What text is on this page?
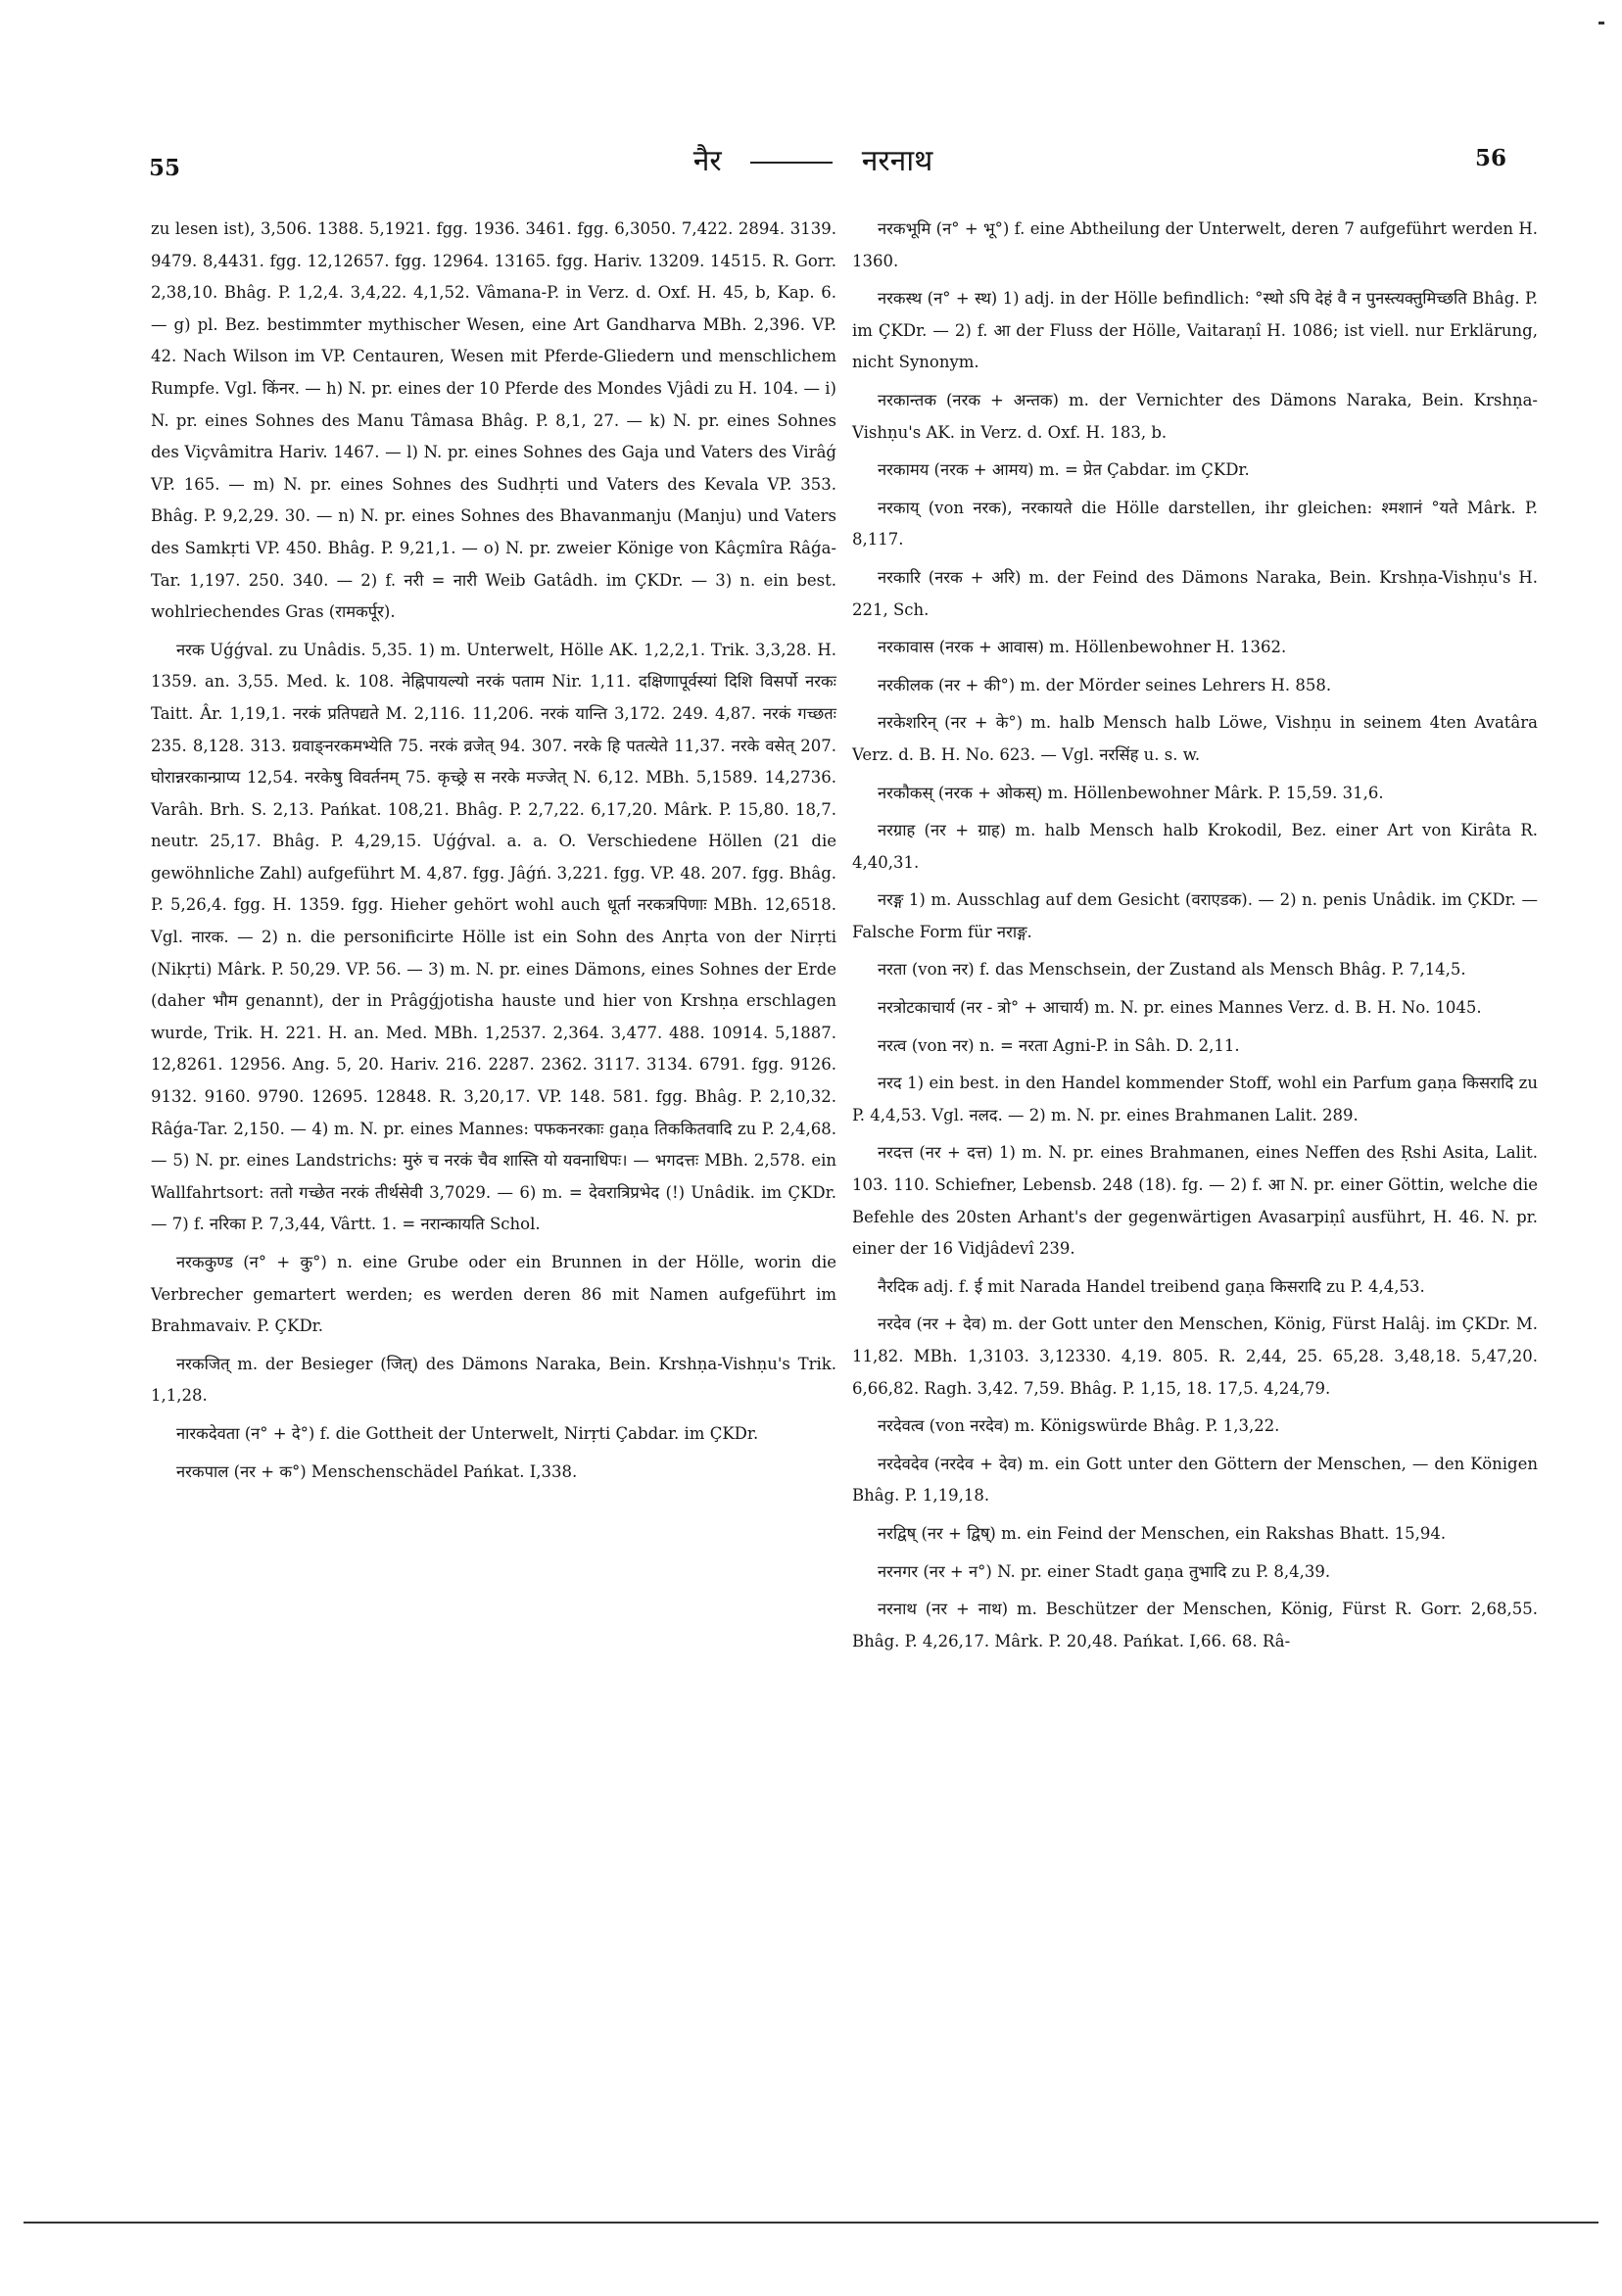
55	नैर	नरनाथ	56

zu lesen ist), 3,506. 1388. 5,1921. fgg. 1936. 3461. fgg. 6,3050. 7,422. 2894. 3139. 9479. 8,4431. fgg. 12,12657. fgg. 12964. 13165. fgg. Hariv. 13209. 14515. R. Gorr. 2,38,10. Bhâg. P. 1,2,4. 3,4,22. 4,1,52. Vâmana-P. in Verz. d. Oxf. H. 45, b, Kap. 6. — g) pl. Bez. bestimmter mythischer Wesen, eine Art Gandharva MBh. 2,396. VP. 42. Nach Wilson im VP. Centauren, Wesen mit Pferde-Gliedern und menschlichem Rumpfe. Vgl. किंनर. — h) N. pr. eines der 10 Pferde des Mondes Vjâdi zu H. 104. — i) N. pr. eines Sohnes des Manu Tâmasa Bhâg. P. 8,1, 27. — k) N. pr. eines Sohnes des Viçvâmitra Hariv. 1467. — l) N. pr. eines Sohnes des Gaja und Vaters des Virâǵ VP. 165. — m) N. pr. eines Sohnes des Sudhṛti und Vaters des Kevala VP. 353. Bhâg. P. 9,2,29. 30. — n) N. pr. eines Sohnes des Bhavanmanju (Manju) und Vaters des Samkṛti VP. 450. Bhâg. P. 9,21,1. — o) N. pr. zweier Könige von Kâçmîra Râǵa-Tar. 1,197. 250. 340. — 2) f. नरी = नारी Weib Gatâdh. im ÇKDr. — 3) n. ein best. wohlriechendes Gras (रामकर्पूर).

नरक Uǵǵval. zu Unâdis. 5,35. 1) m. Unterwelt, Hölle AK. 1,2,2,1. Trik. 3,3,28. H. 1359. an. 3,55. Med. k. 108. नेह्निपायल्यो नरकं पताम Nir. 1,11. दक्षिणापूर्वस्यां दिशि विसर्पो नरकः Taitt. Âr. 1,19,1. नरकं प्रतिपद्यते M. 2,116. 11,206. नरकं यान्ति 3,172. 249. 4,87. नरकं गच्छतः 235. 8,128. 313. ग्रवाङ्नरकमभ्येति 75. नरकं व्रजेत् 94. 307. नरके हि पतत्येते 11,37. नरके वसेत् 207. घोरान्नरकान्प्राप्य 12,54. नरकेषु विवर्तनम् 75. कृच्छ्रे स नरके मज्जेत् N. 6,12. MBh. 5,1589. 14,2736. Varâh. Brh. S. 2,13. Pańkat. 108,21. Bhâg. P. 2,7,22. 6,17,20. Mârk. P. 15,80. 18,7. neutr. 25,17. Bhâg. P. 4,29,15. Uǵǵval. a. a. O. Verschiedene Höllen (21 die gewöhnliche Zahl) aufgeführt M. 4,87. fgg. Jâǵń. 3,221. fgg. VP. 48. 207. fgg. Bhâg. P. 5,26,4. fgg. H. 1359. fgg. Hieher gehört wohl auch धूर्ता नरकत्रपिणाः MBh. 12,6518. Vgl. नारक. — 2) n. die personificirte Hölle ist ein Sohn des Anṛta von der Nirṛti (Nikṛti) Mârk. P. 50,29. VP. 56. — 3) m. N. pr. eines Dämons, eines Sohnes der Erde (daher भौम genannt), der in Prâgǵjotisha hauste und hier von Krshṇa erschlagen wurde, Trik. H. 221. H. an. Med. MBh. 1,2537. 2,364. 3,477. 488. 10914. 5,1887. 12,8261. 12956. Ang. 5, 20. Hariv. 216. 2287. 2362. 3117. 3134. 6791. fgg. 9126. 9132. 9160. 9790. 12695. 12848. R. 3,20,17. VP. 148. 581. fgg. Bhâg. P. 2,10,32. Râǵa-Tar. 2,150. — 4) m. N. pr. eines Mannes: पफकनरकाः gaṇa तिककितवादि zu P. 2,4,68. — 5) N. pr. eines Landstrichs: मुरुं च नरकं चैव शास्ति यो यवनाधिपः। — भगदत्तः MBh. 2,578. ein Wallfahrtsort: ततो गच्छेत नरकं तीर्थसेवी 3,7029. — 6) m. = देवरात्रिप्रभेद (!) Unâdik. im ÇKDr. — 7) f. नरिका P. 7,3,44, Vârtt. 1. = नरान्कायति Schol.

नरककुण्ड (न° + कु°) n. eine Grube oder ein Brunnen in der Hölle, worin die Verbrecher gemartert werden; es werden deren 86 mit Namen aufgeführt im Brahmavaiv. P. ÇKDr.

नरकजित् m. der Besieger (जित्) des Dämons Naraka, Bein. Krshṇa-Vishṇu's Trik. 1,1,28.

नारकदेवता (न° + दे°) f. die Gottheit der Unterwelt, Nirṛti Çabdar. im ÇKDr.

नरकपाल (नर + क°) Menschenschädel Pańkat. I,338.

नरकभूमि (न° + भू°) f. eine Abtheilung der Unterwelt, deren 7 aufgeführt werden H. 1360.

नरकस्थ (न° + स्थ) 1) adj. in der Hölle befindlich: °स्थो ऽपि देहं वै न पुनस्त्यक्तुमिच्छति Bhâg. P. im ÇKDr. — 2) f. आ der Fluss der Hölle, Vaitaraṇî H. 1086; ist viell. nur Erklärung, nicht Synonym.

नरकान्तक (नरक + अन्तक) m. der Vernichter des Dämons Naraka, Bein. Krshṇa-Vishṇu's AK. in Verz. d. Oxf. H. 183, b.

नरकामय (नरक + आमय) m. = प्रेत Çabdar. im ÇKDr.

नरकाय् (von नरक), नरकायते die Hölle darstellen, ihr gleichen: श्मशानं °यते Mârk. P. 8,117.

नरकारि (नरक + अरि) m. der Feind des Dämons Naraka, Bein. Krshṇa-Vishṇu's H. 221, Sch.

नरकावास (नरक + आवास) m. Höllenbewohner H. 1362.

नरकीलक (नर + की°) m. der Mörder seines Lehrers H. 858.

नरकेशरिन् (नर + के°) m. halb Mensch halb Löwe, Vishṇu in seinem 4ten Avatâra Verz. d. B. H. No. 623. — Vgl. नरसिंह u. s. w.

नरकौकस् (नरक + ओकस्) m. Höllenbewohner Mârk. P. 15,59. 31,6.

नरग्राह (नर + ग्राह) m. halb Mensch halb Krokodil, Bez. einer Art von Kirâta R. 4,40,31.

नरङ्ग 1) m. Ausschlag auf dem Gesicht (वराएडक). — 2) n. penis Unâdik. im ÇKDr. — Falsche Form für नराङ्ग.

नरता (von नर) f. das Menschsein, der Zustand als Mensch Bhâg. P. 7,14,5.

नरत्रोटकाचार्य (नर - त्रो° + आचार्य) m. N. pr. eines Mannes Verz. d. B. H. No. 1045.

नरत्व (von नर) n. = नरता Agni-P. in Sâh. D. 2,11.

नरद 1) ein best. in den Handel kommender Stoff, wohl ein Parfum gaṇa किसरादि zu P. 4,4,53. Vgl. नलद. — 2) m. N. pr. eines Brahmanen Lalit. 289.

नरदत्त (नर + दत्त) 1) m. N. pr. eines Brahmanen, eines Neffen des Ṛshi Asita, Lalit. 103. 110. Schiefner, Lebensb. 248 (18). fg. — 2) f. आ N. pr. einer Göttin, welche die Befehle des 20sten Arhant's der gegenwärtigen Avasarpiṇî ausführt, H. 46. N. pr. einer der 16 Vidjâdevî 239.

नैरदिक adj. f. ई mit Narada Handel treibend gaṇa किसरादि zu P. 4,4,53.

नरदेव (नर + देव) m. der Gott unter den Menschen, König, Fürst Halâj. im ÇKDr. M. 11,82. MBh. 1,3103. 3,12330. 4,19. 805. R. 2,44, 25. 65,28. 3,48,18. 5,47,20. 6,66,82. Ragh. 3,42. 7,59. Bhâg. P. 1,15, 18. 17,5. 4,24,79.

नरदेवत्व (von नरदेव) m. Königswürde Bhâg. P. 1,3,22.

नरदेवदेव (नरदेव + देव) m. ein Gott unter den Göttern der Menschen, — den Königen Bhâg. P. 1,19,18.

नरद्विष् (नर + द्विष्) m. ein Feind der Menschen, ein Rakshas Bhatt. 15,94.

नरनगर (नर + न°) N. pr. einer Stadt gaṇa तुभादि zu P. 8,4,39.

नरनाथ (नर + नाथ) m. Beschützer der Menschen, König, Fürst R. Gorr. 2,68,55. Bhâg. P. 4,26,17. Mârk. P. 20,48. Pańkat. I,66. 68. Râ-
